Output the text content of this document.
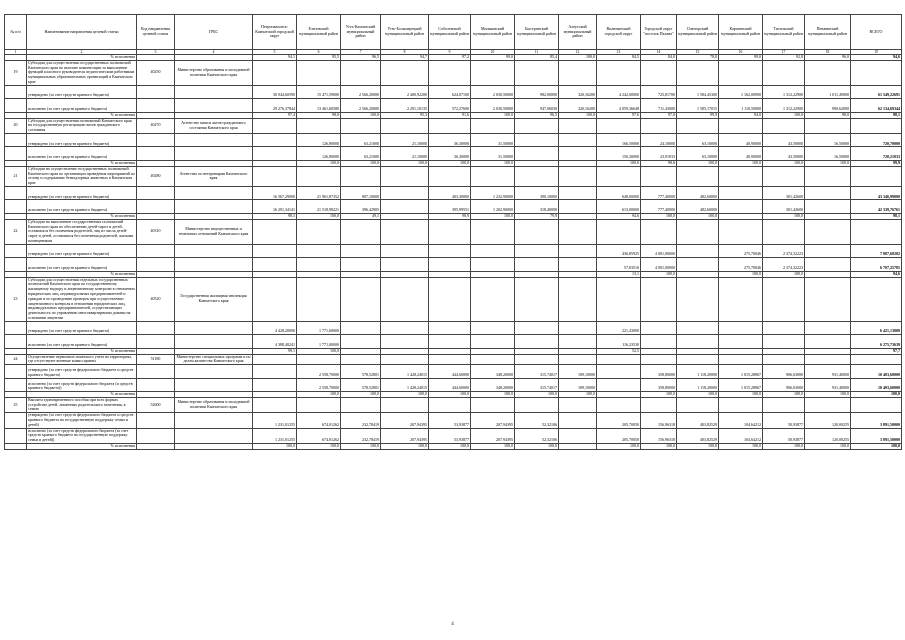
№ п/п	Наименование направления целевой статьи	Код направления целевой статьи	ГРБС	Петропавловск-Камчатский городской округ	Елизовский муниципальный район	Усть-Камчатский муниципальный район	Усть-Большерецкий муниципальный район	Соболевский муниципальный район	Мильковский муниципальный район	Быстринский муниципальный район	Алеутский муниципальный район	Вилючинский городской округ	Городской округ "поселок Палана"	Олюторский муниципальный район	Карагинский муниципальный район	Тигильский муниципальный район	Пенжинский муниципальный район	ВСЕГО
1	2	3	4	5	6	7	8	9	10	11	12	13	14	15	16	17	18	19
	% исполнения			94,1	95,5	96,5	94,7	97,2	99,0	85,4	100,0	84,5	84,0	78,8	99,0	92,8	96,0	94,6
19	Субсидии для осуществления государственных полномочий Камчатского края по выплате компенсации за выполнение функций классного руководителя педагогическим работникам муниципальных образовательных организаций в Камчатском крае	40250	Министерство образования и молодежной политики Камчатского края															
	утверждено (за счет средств краевого бюджета)			30 044,60590	15 471,59000	2 566,20000	2 400,92200	624,07100	2 030,50000	982,00000	320,16200	4 242,00000	725,81700	1 584,45300	1 162,00900	1 312,22900	1 011,49000	61 549,22691
	исполнено (за счет средств краевого бюджета)			29 276,37844	13 461,60580	2 566,20000	2 291,10135	572,27600	2 030,50000	947,06030	320,16200	4 059,36648	711,43000	1 585,17015	1 110,50000	1 312,22900	990,62000	62 134,69344
	% исполнения			97,4	98,0	100,0	95,3	91,6	100,0	96,5	100,0	97,6	97,0	99,9	94,0	100,0	98,0	98,1
20	Субсидии для осуществления полномочий Камчатского края на государственную регистрацию актов гражданского состояния	40270	Агентство записи актов гражданского состояния Камчатского края															
	утверждено (за счет средств краевого бюджета)				126,80000	63,21000	21,10000	36,30000	31,50000			166,50000	24,10000	63,10000	40,90000	43,50000	16,50000	720,70000
	исполнено (за счет средств краевого бюджета)				126,80000	63,21000	21,10000	36,30000	31,50000			150,30000	23,91033	63,10000	40,90000	43,50000	16,50000	720,21033
	% исполнения				100,0	100,0	100,0	100,0	100,0			100,0	98,6	100,0	100,0	100,0	100,0	99,9
21	Субсидии на осуществление государственных полномочий Камчатского края по организации проведения мероприятий по отлову и содержанию безнадзорных животных в Камчатском крае	40280	Агентство по ветеринарии Камчатского края															
	утверждено (за счет средств краевого бюджета)			16 567,29000	21 961,87352	807,10000		403,30000	1 232,90000	390,10000		648,00000	777,40000	482,60000		301,42600		43 346,99000
	исполнено (за счет средств краевого бюджета)			16 291,34141	21 518,98221	396,42905		395,99551	1 202,90000	318,40000		613,00000	777,40000	482,60000		301,42600		42 339,76761
	% исполнения			98,3	100,0	49,1		98,9	100,0	79,9		94,6	100,0	100,0		100,0		98,1
22	Субсидии на выполнение государственных полномочий Камчатского края по обеспечению детей-сирот и детей, оставшихся без попечения родителей, лиц из числа детей-сирот и детей, оставшихся без попечения родителей, жилыми помещениями	40310	Министерство имущественных и земельных отношений Камчатского края															
	утверждено (за счет средств краевого бюджета)											436,85925	4 001,00000		275,70046	2 374,32223		7 087,68202
	исполнено (за счет средств краевого бюджета)											57,03516	4 001,00000		275,70046	2 374,32223		6 707,25785
	% исполнения											13,1	100,0		100,0	100,0		94,6
23	Субсидии для осуществления отдельных государственных полномочий Камчатского края по государственному жилищному надзору и лицензионному контролю в отношении юридических лиц, индивидуальных предпринимателей и граждан и по проведению проверок при осуществлении лицензионного контроля в отношении юридических лиц, индивидуальных предпринимателей, осуществляющих деятельность по управлению многоквартирными домами на основании лицензии	40520	Государственная жилищная инспекция Камчатского края															
	утверждено (за счет средств краевого бюджета)			4 428,20000	1 771,60000							221,43000						6 421,13000
	исполнено (за счет средств краевого бюджета)			4 388,40241	1 771,00000							116,23530						6 275,73639
	% исполнения			99,1	100,0							52,5						97,7
24	Осуществление первичного воинского учета на территориях, где отсутствуют военные комиссариаты	51180	Министерство специальных программ и по делам казачества Камчатского края															
	утверждено (за счет средств федерального бюджета и средств краевого бюджета)				2 558,70000	578,52801	1 428,24015	444,60000	348,20000	315,74017	189,10000		358,80000	1 118,20000	1 015,28867	906,63000	931,40000	10 403,60000
	исполнено (за счет средств федерального бюджета (и средств краевого бюджета))				2 558,70000	578,52801	1 428,24015	444,60000	348,20000	315,74017	189,10000		358,80000	1 118,20000	1 015,28867	906,63000	931,40000	10 403,60000
	% исполнения				100,0	100,0	100,0	100,0	100,0	100,0	100,0		100,0	100,0	100,0	100,0	100,0	100,0
25	Выплата единовременного пособия при всех формах устройства детей, лишенных родительского попечения, в семью	52600	Министерство образования и молодежной политики Камчатского края															
	утверждено (за счет средств федерального бюджета и средств краевого бюджета на государственную поддержку семьи и детей)			1 231,01255	674,01262	232,78419	207,94395	53,93877	207,94395	52,32106		205,70050	156,96318	403,82529	104,64212	50,93877	120,00255	3 891,50000
	исполнено (за счет средств федерального бюджета (за счет средств краевого бюджета на государственную поддержку семьи и детей))			1 231,01255	674,01262	232,78419	207,94395	53,93877	207,94395	52,32106		205,70050	156,96318	403,82529	104,64212	50,93877	120,00255	3 891,50000
	% исполнения			100,0	100,0	100,0	100,0	100,0	100,0	100,0		100,0	100,0	100,0	100,0	100,0	100,0	100,0
4
